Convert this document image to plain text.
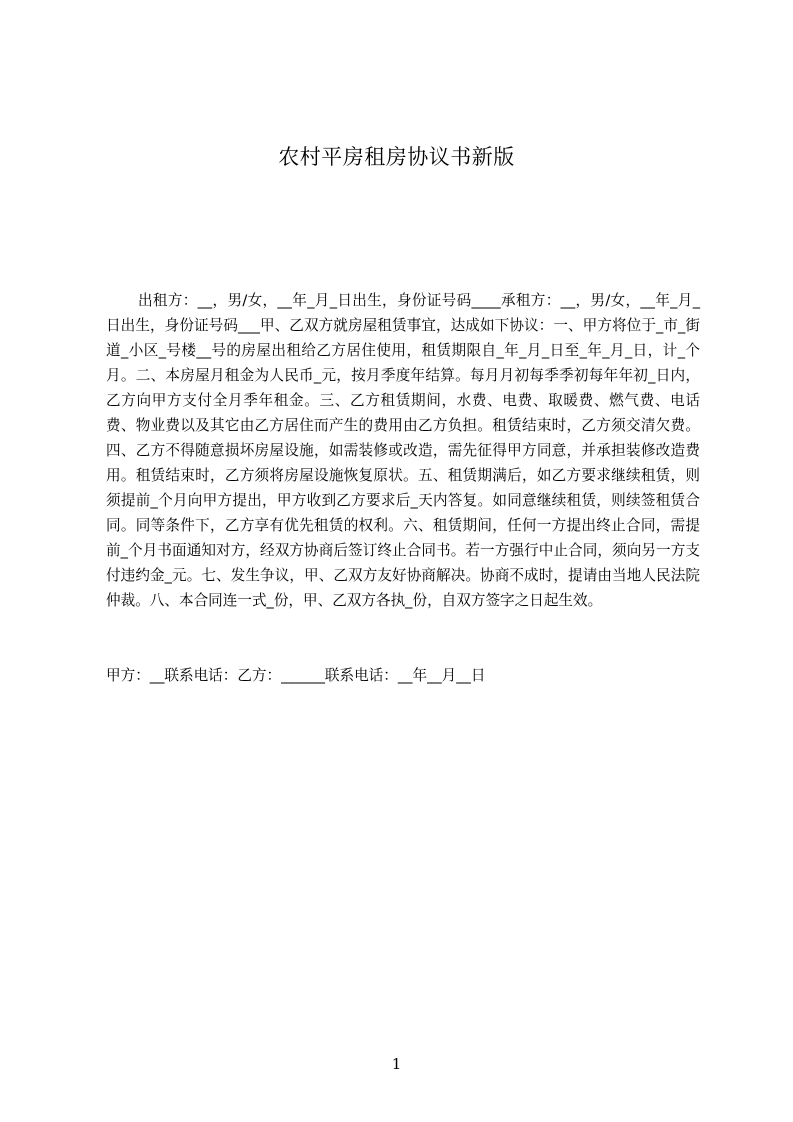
农村平房租房协议书新版

出租方：__，男/女，__年_月_日出生，身份证号码____承租方：__，男/女，__年_月_日出生，身份证号码___甲、乙双方就房屋租赁事宜，达成如下协议：一、甲方将位于_市_街道_小区_号楼__号的房屋出租给乙方居住使用，租赁期限自_年_月_日至_年_月_日，计_个月。二、本房屋月租金为人民币_元，按月季度年结算。每月月初每季季初每年年初_日内，乙方向甲方支付全月季年租金。三、乙方租赁期间，水费、电费、取暖费、燃气费、电话费、物业费以及其它由乙方居住而产生的费用由乙方负担。租赁结束时，乙方须交清欠费。四、乙方不得随意损坏房屋设施，如需装修或改造，需先征得甲方同意，并承担装修改造费用。租赁结束时，乙方须将房屋设施恢复原状。五、租赁期满后，如乙方要求继续租赁，则须提前_个月向甲方提出，甲方收到乙方要求后_天内答复。如同意继续租赁，则续签租赁合同。同等条件下，乙方享有优先租赁的权利。六、租赁期间，任何一方提出终止合同，需提前_个月书面通知对方，经双方协商后签订终止合同书。若一方强行中止合同，须向另一方支付违约金_元。七、发生争议，甲、乙双方友好协商解决。协商不成时，提请由当地人民法院仲裁。八、本合同连一式_份，甲、乙双方各执_份，自双方签字之日起生效。

甲方：__联系电话：乙方：______联系电话：__年__月__日

1
